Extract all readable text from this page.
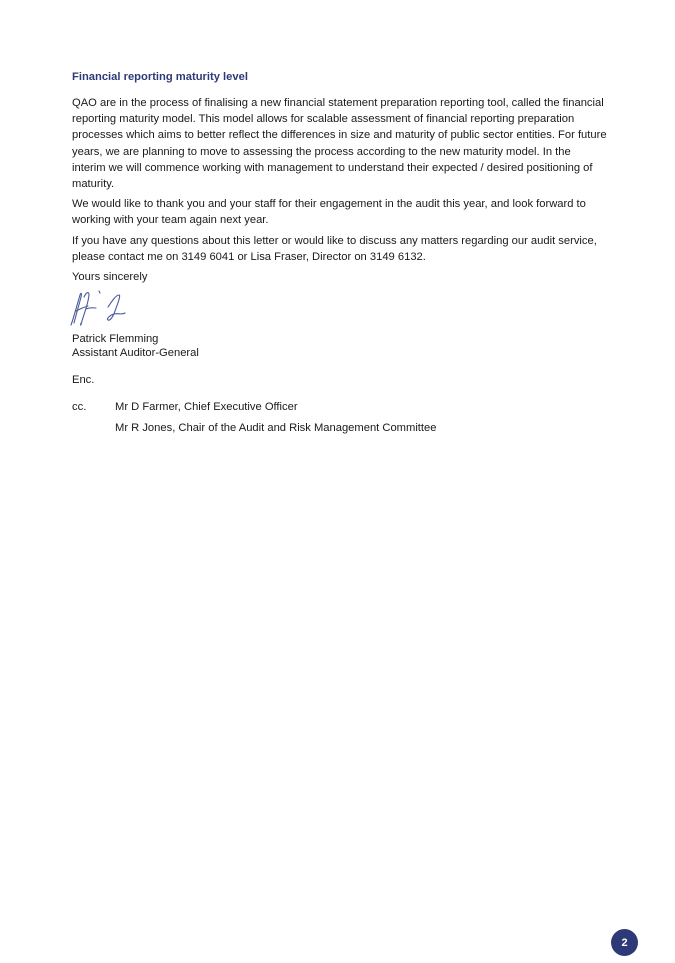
Financial reporting maturity level

QAO are in the process of finalising a new financial statement preparation reporting tool, called the financial reporting maturity model. This model allows for scalable assessment of financial reporting preparation processes which aims to better reflect the differences in size and maturity of public sector entities. For future years, we are planning to move to assessing the process according to the new maturity model. In the interim we will commence working with management to understand their expected / desired positioning of maturity.

We would like to thank you and your staff for their engagement in the audit this year, and look forward to working with your team again next year.

If you have any questions about this letter or would like to discuss any matters regarding our audit service, please contact me on 3149 6041 or Lisa Fraser, Director on 3149 6132.

Yours sincerely
Patrick Flemming
Assistant Auditor-General
Enc.
cc.	Mr D Farmer, Chief Executive Officer
Mr R Jones, Chair of the Audit and Risk Management Committee
2
